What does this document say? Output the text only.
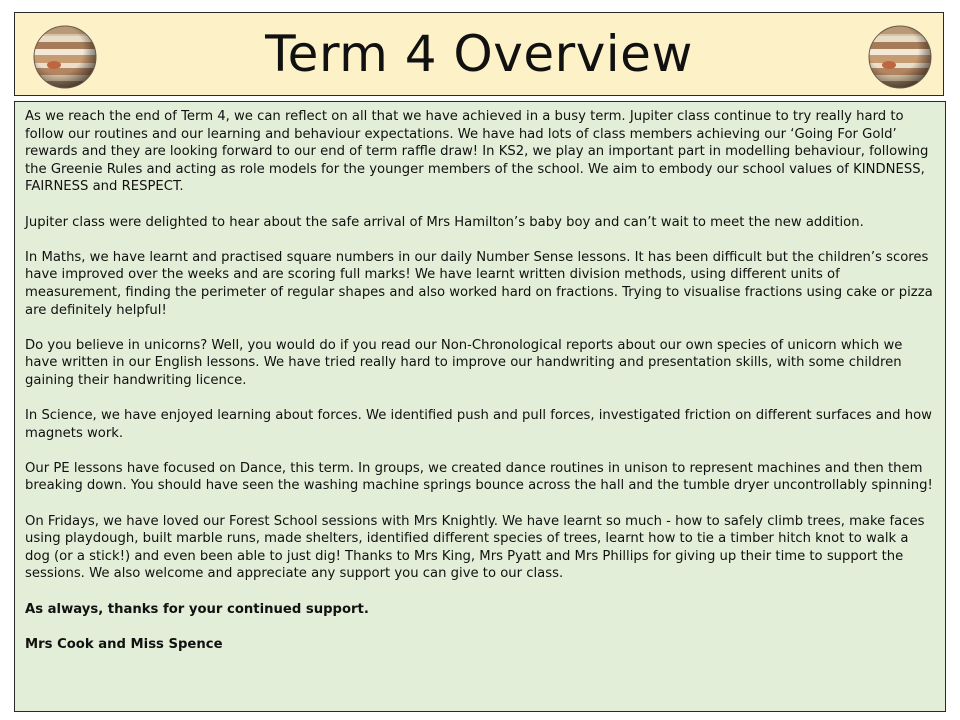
Term 4 Overview

As we reach the end of Term 4, we can reflect on all that we have achieved in a busy term. Jupiter class continue to try really hard to follow our routines and our learning and behaviour expectations. We have had lots of class members achieving our ‘Going For Gold’ rewards and they are looking forward to our end of term raffle draw! In KS2, we play an important part in modelling behaviour, following the Greenie Rules and acting as role models for the younger members of the school. We aim to embody our school values of KINDNESS, FAIRNESS and RESPECT.

Jupiter class were delighted to hear about the safe arrival of Mrs Hamilton’s baby boy and can’t wait to meet the new addition.

In Maths, we have learnt and practised square numbers in our daily Number Sense lessons. It has been difficult but the children’s scores have improved over the weeks and are scoring full marks! We have learnt written division methods, using different units of measurement, finding the perimeter of regular shapes and also worked hard on fractions. Trying to visualise fractions using cake or pizza are definitely helpful!

Do you believe in unicorns? Well, you would do if you read our Non-Chronological reports about our own species of unicorn which we have written in our English lessons. We have tried really hard to improve our handwriting and presentation skills, with some children gaining their handwriting licence.

In Science, we have enjoyed learning about forces. We identified push and pull forces, investigated friction on different surfaces and how magnets work.

Our PE lessons have focused on Dance, this term. In groups, we created dance routines in unison to represent machines and then them breaking down. You should have seen the washing machine springs bounce across the hall and the tumble dryer uncontrollably spinning!

On Fridays, we have loved our Forest School sessions with Mrs Knightly. We have learnt so much - how to safely climb trees, make faces using playdough, built marble runs, made shelters, identified different species of trees, learnt how to tie a timber hitch knot to walk a dog (or a stick!) and even been able to just dig! Thanks to Mrs King, Mrs Pyatt and Mrs Phillips for giving up their time to support the sessions. We also welcome and appreciate any support you can give to our class.

As always, thanks for your continued support.

Mrs Cook and Miss Spence
